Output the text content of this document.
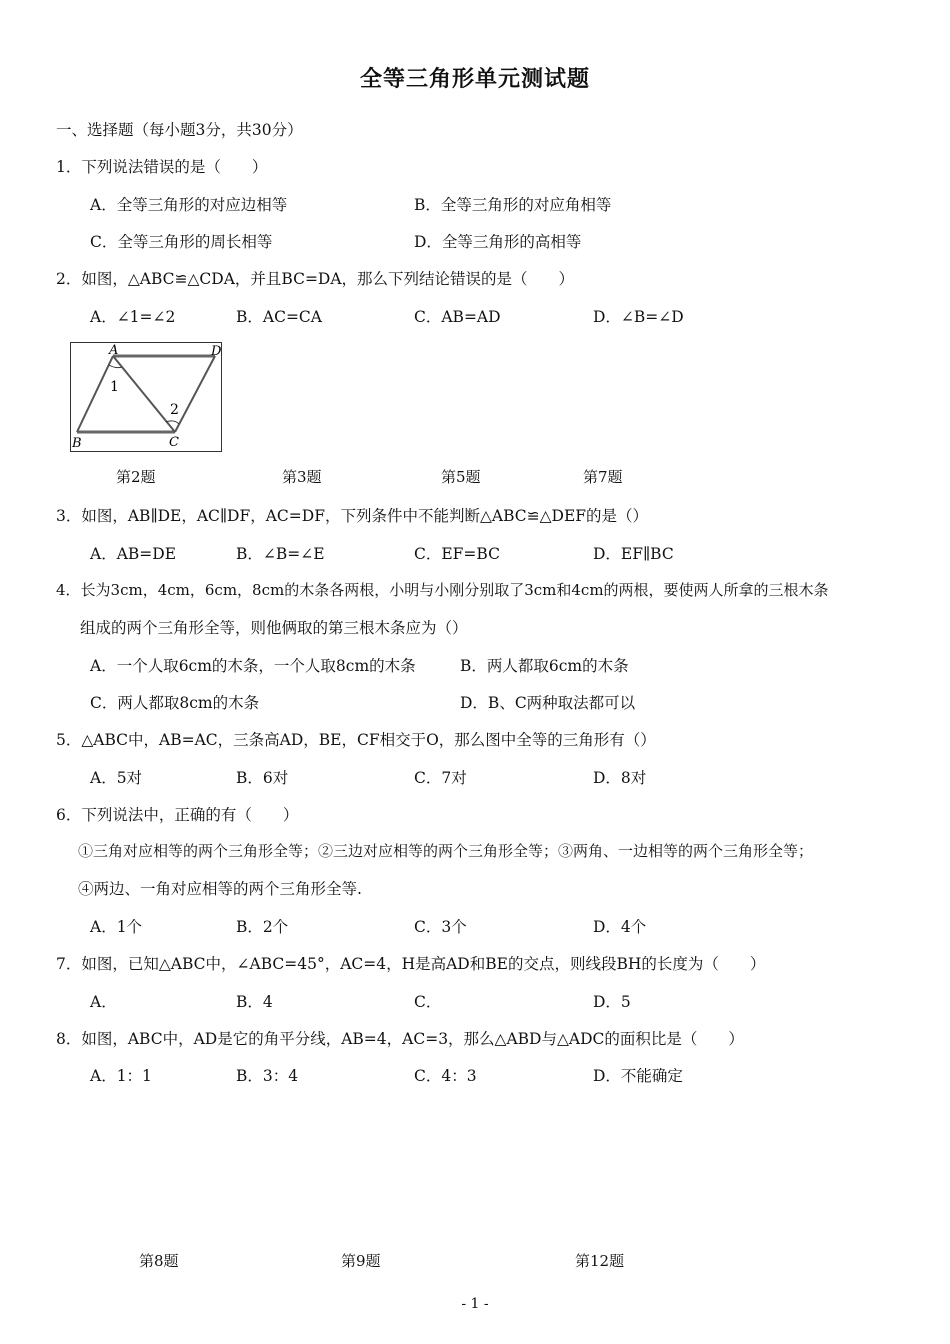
全等三角形单元测试题
一、选择题（每小题3分，共30分）
1．下列说法错误的是（　　）
A．全等三角形的对应边相等	B．全等三角形的对应角相等
C．全等三角形的周长相等	D．全等三角形的高相等
2．如图，△ABC≌△CDA，并且BC=DA，那么下列结论错误的是（　　）
A．∠1=∠2	B．AC=CA	C．AB=AD	D．∠B=∠D
A	D
B	C
1
2
第2题	第3题	第5题	第7题
3．如图，AB∥DE，AC∥DF，AC=DF，下列条件中不能判断△ABC≌△DEF的是（）
A．AB=DE	B．∠B=∠E	C．EF=BC	D．EF∥BC
4．长为3cm，4cm，6cm，8cm的木条各两根，小明与小刚分别取了3cm和4cm的两根，要使两人所拿的三根木条
组成的两个三角形全等，则他俩取的第三根木条应为（）
A．一个人取6cm的木条，一个人取8cm的木条	B．两人都取6cm的木条
C．两人都取8cm的木条	D．B、C两种取法都可以
5．△ABC中，AB=AC，三条高AD，BE，CF相交于O，那么图中全等的三角形有（）
A．5对	B．6对	C．7对	D．8对
6．下列说法中，正确的有（　　）
①三角对应相等的两个三角形全等；②三边对应相等的两个三角形全等；③两角、一边相等的两个三角形全等；
④两边、一角对应相等的两个三角形全等.
A．1个	B．2个	C．3个	D．4个
7．如图，已知△ABC中，∠ABC=45°，AC=4，H是高AD和BE的交点，则线段BH的长度为（　　）
A．	B．4	C．	D．5
8．如图，ABC中，AD是它的角平分线，AB=4，AC=3，那么△ABD与△ADC的面积比是（　　）
A．1：1	B．3：4	C．4：3	D．不能确定
第8题	第9题	第12题
- 1 -
